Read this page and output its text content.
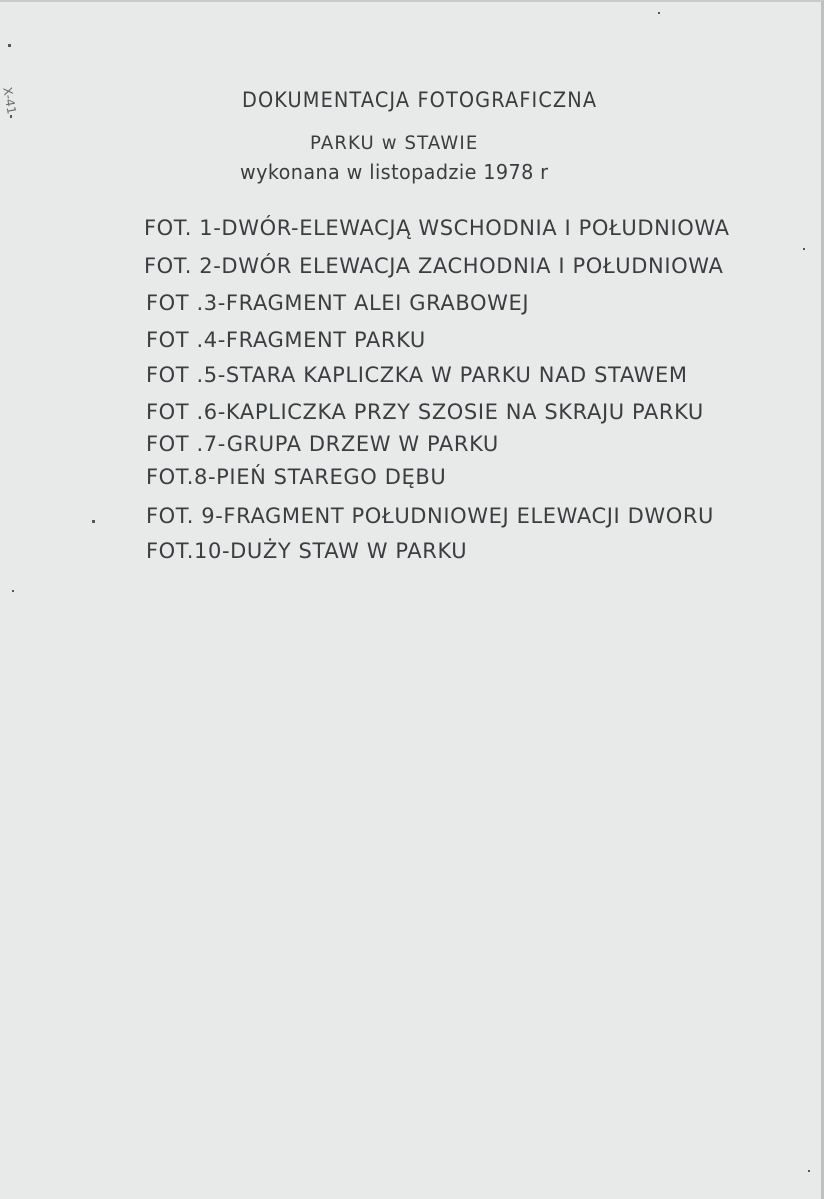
X-41	DOKUMENTACJA FOTOGRAFICZNA
PARKU w STAWIE
wykonana w listopadzie 1978 r
FOT. 1-DWÓR-ELEWACJĄ WSCHODNIA I POŁUDNIOWA
FOT. 2-DWÓR ELEWACJA ZACHODNIA I POŁUDNIOWA
FOT .3-FRAGMENT ALEI GRABOWEJ
FOT .4-FRAGMENT PARKU
FOT .5-STARA KAPLICZKA W PARKU NAD STAWEM
FOT .6-KAPLICZKA PRZY SZOSIE NA SKRAJU PARKU
FOT .7-GRUPA DRZEW W PARKU
FOT.8-PIEŃ STAREGO DĘBU
FOT. 9-FRAGMENT POŁUDNIOWEJ ELEWACJI DWORU
FOT.10-DUŻY STAW W PARKU
